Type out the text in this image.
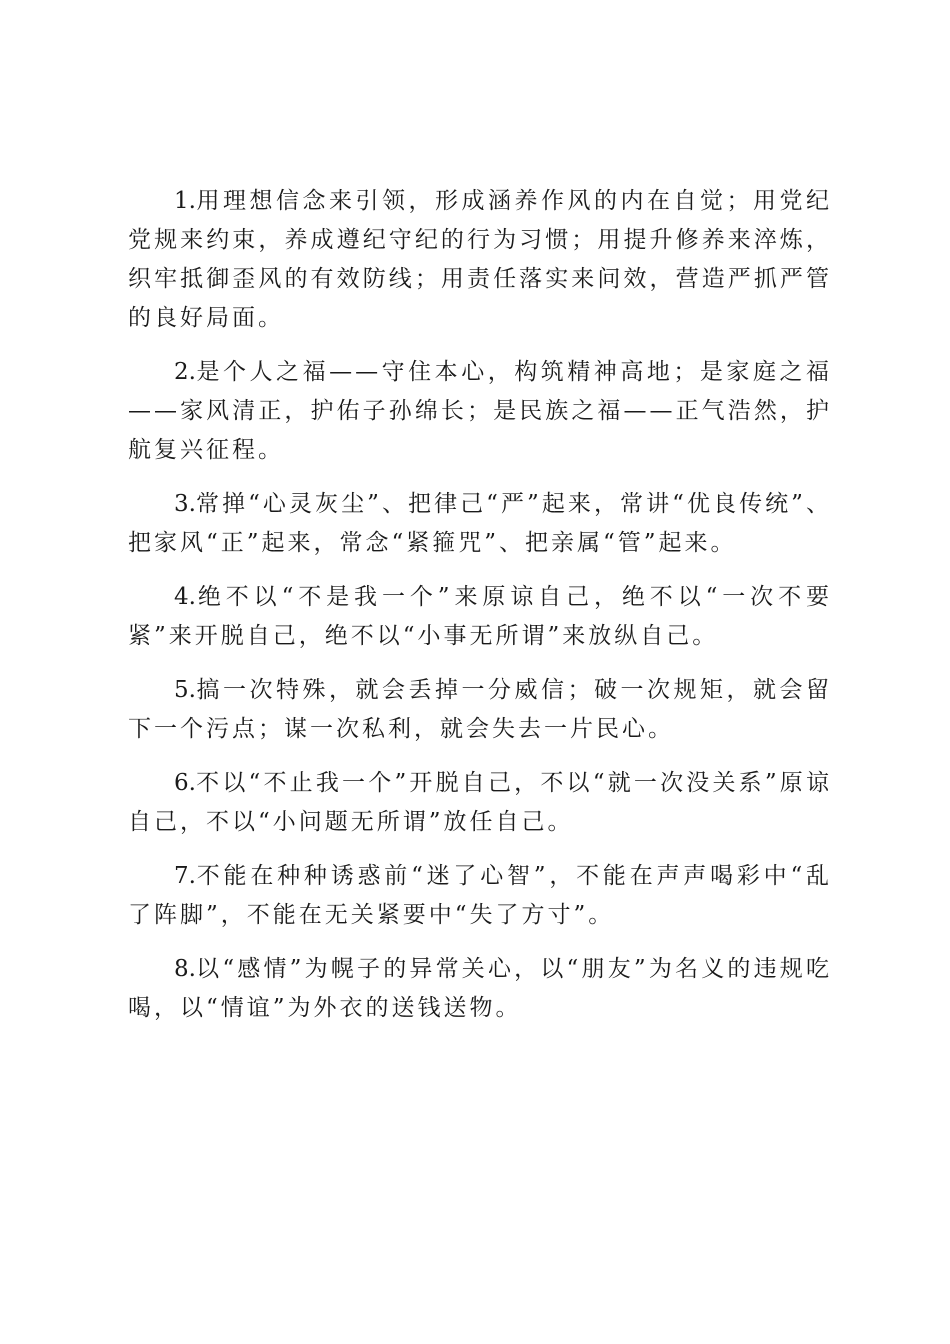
1.用理想信念来引领，形成涵养作风的内在自觉；用党纪党规来约束，养成遵纪守纪的行为习惯；用提升修养来淬炼，织牢抵御歪风的有效防线；用责任落实来问效，营造严抓严管的良好局面。

2.是个人之福——守住本心，构筑精神高地；是家庭之福——家风清正，护佑子孙绵长；是民族之福——正气浩然，护航复兴征程。

3.常掸“心灵灰尘”、把律己“严”起来，常讲“优良传统”、把家风“正”起来，常念“紧箍咒”、把亲属“管”起来。

4.绝不以“不是我一个”来原谅自己，绝不以“一次不要紧”来开脱自己，绝不以“小事无所谓”来放纵自己。

5.搞一次特殊，就会丢掉一分威信；破一次规矩，就会留下一个污点；谋一次私利，就会失去一片民心。

6.不以“不止我一个”开脱自己，不以“就一次没关系”原谅自己，不以“小问题无所谓”放任自己。

7.不能在种种诱惑前“迷了心智”，不能在声声喝彩中“乱了阵脚”，不能在无关紧要中“失了方寸”。

8.以“感情”为幌子的异常关心，以“朋友”为名义的违规吃喝，以“情谊”为外衣的送钱送物。
